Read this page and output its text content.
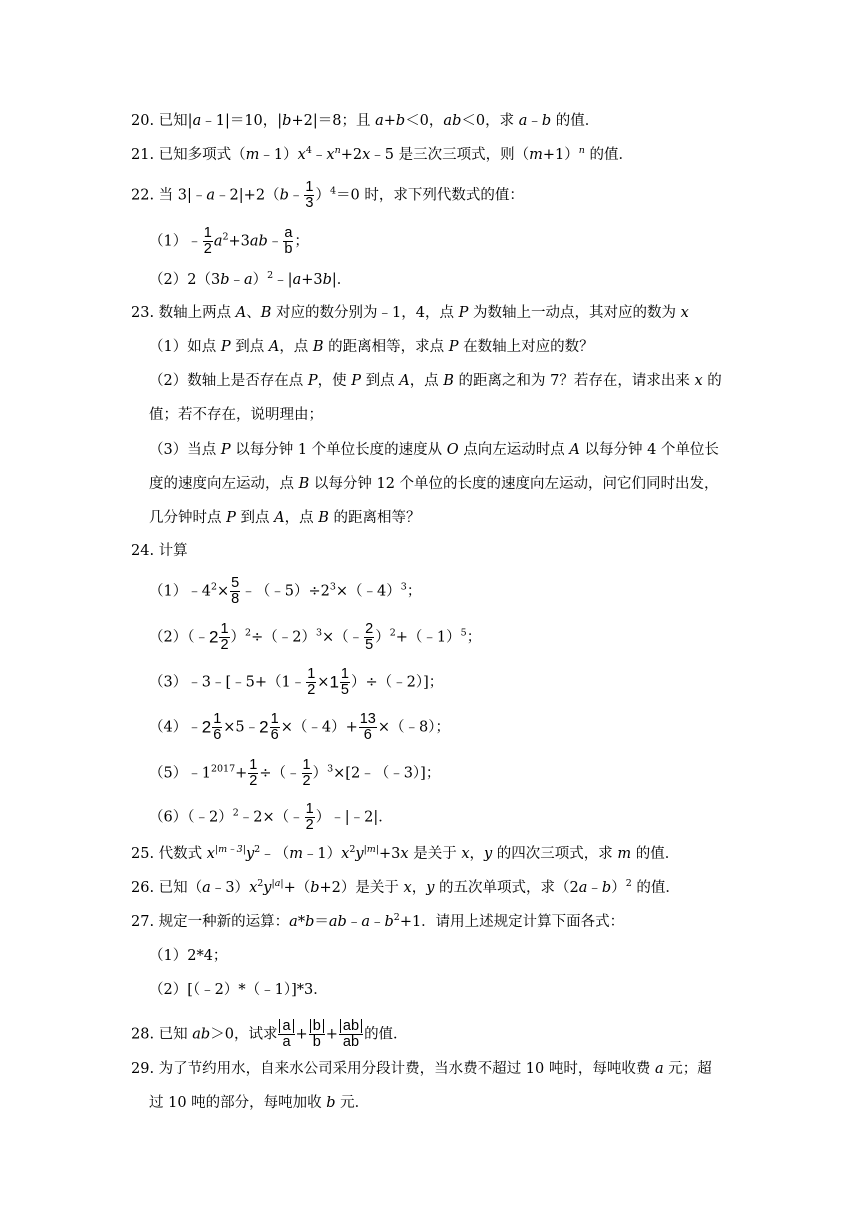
20. 已知|a﹣1|＝10，|b+2|＝8；且 a+b＜0，ab＜0，求 a﹣b 的值．
21. 已知多项式$(m﹣1)x^4﹣x^n+2x﹣5$ 是三次三项式，则$(m+1)^n$ 的值．
22. 当 3|﹣a﹣2|+2（b﹣ $\frac{1}{3} )^4=0$ 时，求下列代数式的值：
（1）﹣ $\frac{1}{2}$ $a^2+3ab﹣ \frac{a}{b}$ ；
（2）2（3b﹣a）$^2$﹣|a+3b|．
23. 数轴上两点 A、B 对应的数分别为﹣1，4，点 P 为数轴上一动点，其对应的数为 x
（1）如点 P 到点 A，点 B 的距离相等，求点 P 在数轴上对应的数？
（2）数轴上是否存在点 P，使 P 到点 A，点 B 的距离之和为 7？若存在，请求出来 x 的
值；若不存在，说明理由；
（3）当点 P 以每分钟 1 个单位长度的速度从 O 点向左运动时点 A 以每分钟 4 个单位长
度的速度向左运动，点 B 以每分钟 12 个单位的长度的速度向左运动，问它们同时出发，
几分钟时点 P 到点 A，点 B 的距离相等？
24. 计算
$(1)﹣4^2\times \frac{5}{8}$ $﹣(﹣5)\div 2^3\times(﹣4)^3$；
（2）（﹣2 $\frac{1}{2}$ ）$^2$÷（﹣2）$^3$×（﹣ $\frac{2}{5}$ ）$^2$+（﹣1）$^5$；
（3）﹣3﹣[﹣5+（1﹣ $\frac{1}{2} \times 1 \frac{1}{5}$ ）÷（﹣2）]；
（4）﹣2 $\frac{1}{6}$ ×5﹣2 $\frac{1}{6}$ ×（﹣4）+ $\frac{13}{6}$ ×（﹣8）；
$(5)﹣1^{2017}+ \frac{1}{2}$ ÷（﹣ $\frac{1}{2}$ ）$^3$×[2﹣（﹣3）]；
（6）（﹣2）$^2$﹣2×（﹣ $\frac{1}{2}$ ）﹣|﹣2|．
25. 代数式 $x^{|m﹣3|}y^2﹣(m﹣1)x^2y^{|m|}+3x$ 是关于 x，y 的四次三项式，求 m 的值．
26. 已知$(a﹣3)x^2y^{|a|}+(b+2)$是关于 x，y 的五次单项式，求（2a﹣b）$^2$ 的值．
27. 规定一种新的运算：$a*b=ab﹣a﹣b^2+1$．请用上述规定计算下面各式：
（1）2*4；
（2）[（﹣2）*（﹣1）]*3．
28. 已知 ab＞0，试求 $\frac{a}{a} + \frac{b}{b} + \frac{ab}{ab}$ 的值．
29. 为了节约用水，自来水公司采用分段计费，当水费不超过 10 吨时，每吨收费 a 元；超
过 10 吨的部分，每吨加收 b 元．
